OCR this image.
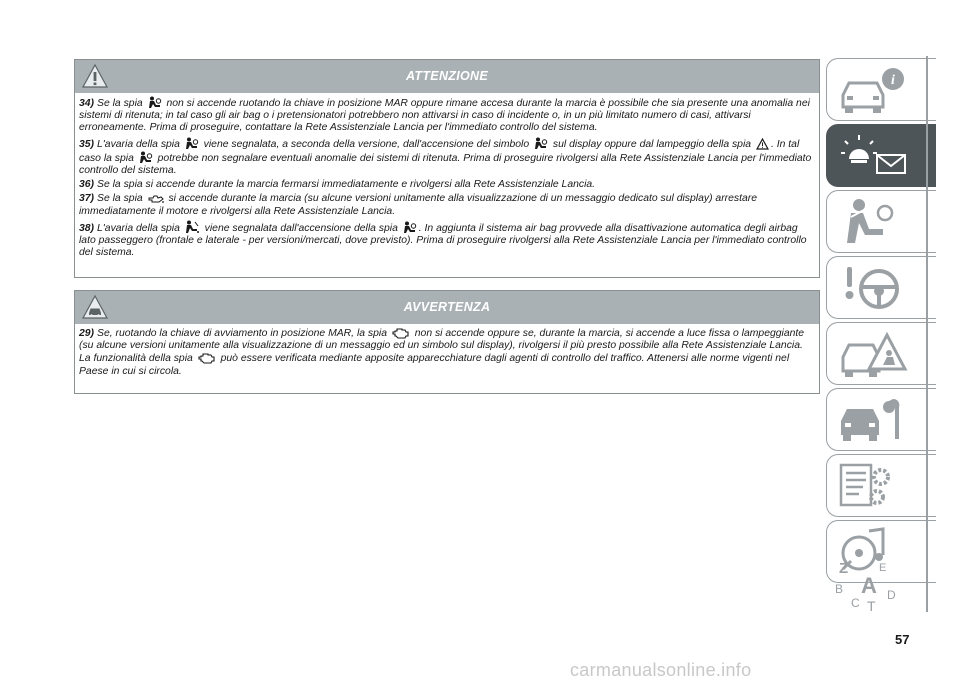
ATTENZIONE

34) Se la spia non si accende ruotando la chiave in posizione MAR oppure rimane accesa durante la marcia è possibile che sia presente una anomalia nei sistemi di ritenuta; in tal caso gli air bag o i pretensionatori potrebbero non attivarsi in caso di incidente o, in un più limitato numero di casi, attivarsi erroneamente. Prima di proseguire, contattare la Rete Assistenziale Lancia per l'immediato controllo del sistema.

35) L'avaria della spia viene segnalata, a seconda della versione, dall'accensione del simbolo sul display oppure dal lampeggio della spia . In tal caso la spia potrebbe non segnalare eventuali anomalie dei sistemi di ritenuta. Prima di proseguire rivolgersi alla Rete Assistenziale Lancia per l'immediato controllo del sistema.

36) Se la spia si accende durante la marcia fermarsi immediatamente e rivolgersi alla Rete Assistenziale Lancia.

37) Se la spia si accende durante la marcia (su alcune versioni unitamente alla visualizzazione di un messaggio dedicato sul display) arrestare immediatamente il motore e rivolgersi alla Rete Assistenziale Lancia.

38) L'avaria della spia viene segnalata dall'accensione della spia . In aggiunta il sistema air bag provvede alla disattivazione automatica degli airbag lato passeggero (frontale e laterale - per versioni/mercati, dove previsto). Prima di proseguire rivolgersi alla Rete Assistenziale Lancia per l'immediato controllo del sistema.

AVVERTENZA

29) Se, ruotando la chiave di avviamento in posizione MAR, la spia	non si accende oppure se, durante la marcia, si accende a luce fissa o lampeggiante (su alcune versioni unitamente alla visualizzazione di un messaggio ed un simbolo sul display), rivolgersi il più presto possibile alla Rete Assistenziale Lancia. La funzionalità della spia	può essere verificata mediante apposite apparecchiature dagli agenti di controllo del traffico. Attenersi alle norme vigenti nel Paese in cui si circola.

i
Z	E
B A
C T
D
57
carmanualsonline.info
